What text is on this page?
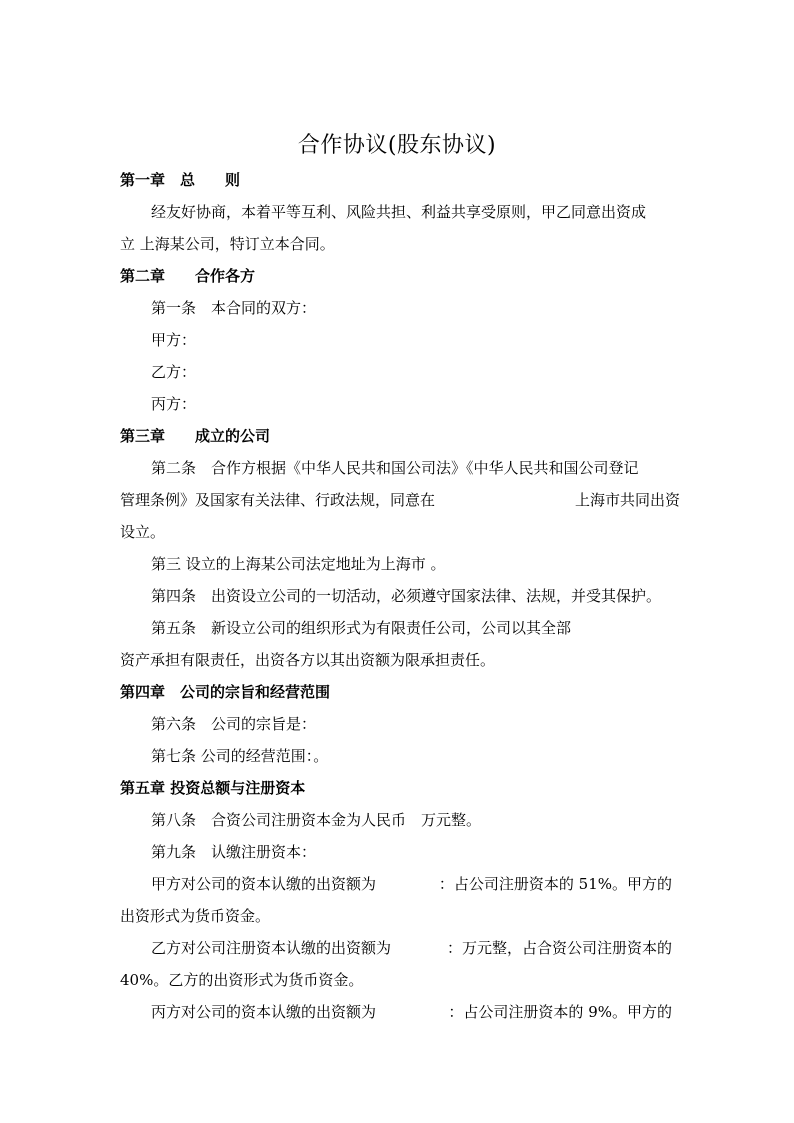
合作协议(股东协议)
第一章　总　　则
经友好协商，本着平等互利、风险共担、利益共享受原则，甲乙同意出资成
立 上海某公司，特订立本合同。
第二章　　合作各方
第一条　本合同的双方：
甲方：
乙方：
丙方：
第三章　　成立的公司
第二条　合作方根据《中华人民共和国公司法》《中华人民共和国公司登记
管理条例》及国家有关法律、行政法规，同意在	上海市共同出资
设立。
第三 设立的上海某公司法定地址为上海市 。
第四条　出资设立公司的一切活动，必须遵守国家法律、法规，并受其保护。
第五条　新设立公司的组织形式为有限责任公司，公司以其全部
资产承担有限责任，出资各方以其出资额为限承担责任。
第四章　公司的宗旨和经营范围
第六条　公司的宗旨是：
第七条 公司的经营范围：。
第五章 投资总额与注册资本
第八条　合资公司注册资本金为人民币　万元整。
第九条　认缴注册资本：
甲方对公司的资本认缴的出资额为	：占公司注册资本的 51%。甲方的
出资形式为货币资金。
乙方对公司注册资本认缴的出资额为	：万元整，占合资公司注册资本的
40%。乙方的出资形式为货币资金。
丙方对公司的资本认缴的出资额为	：占公司注册资本的 9%。甲方的
